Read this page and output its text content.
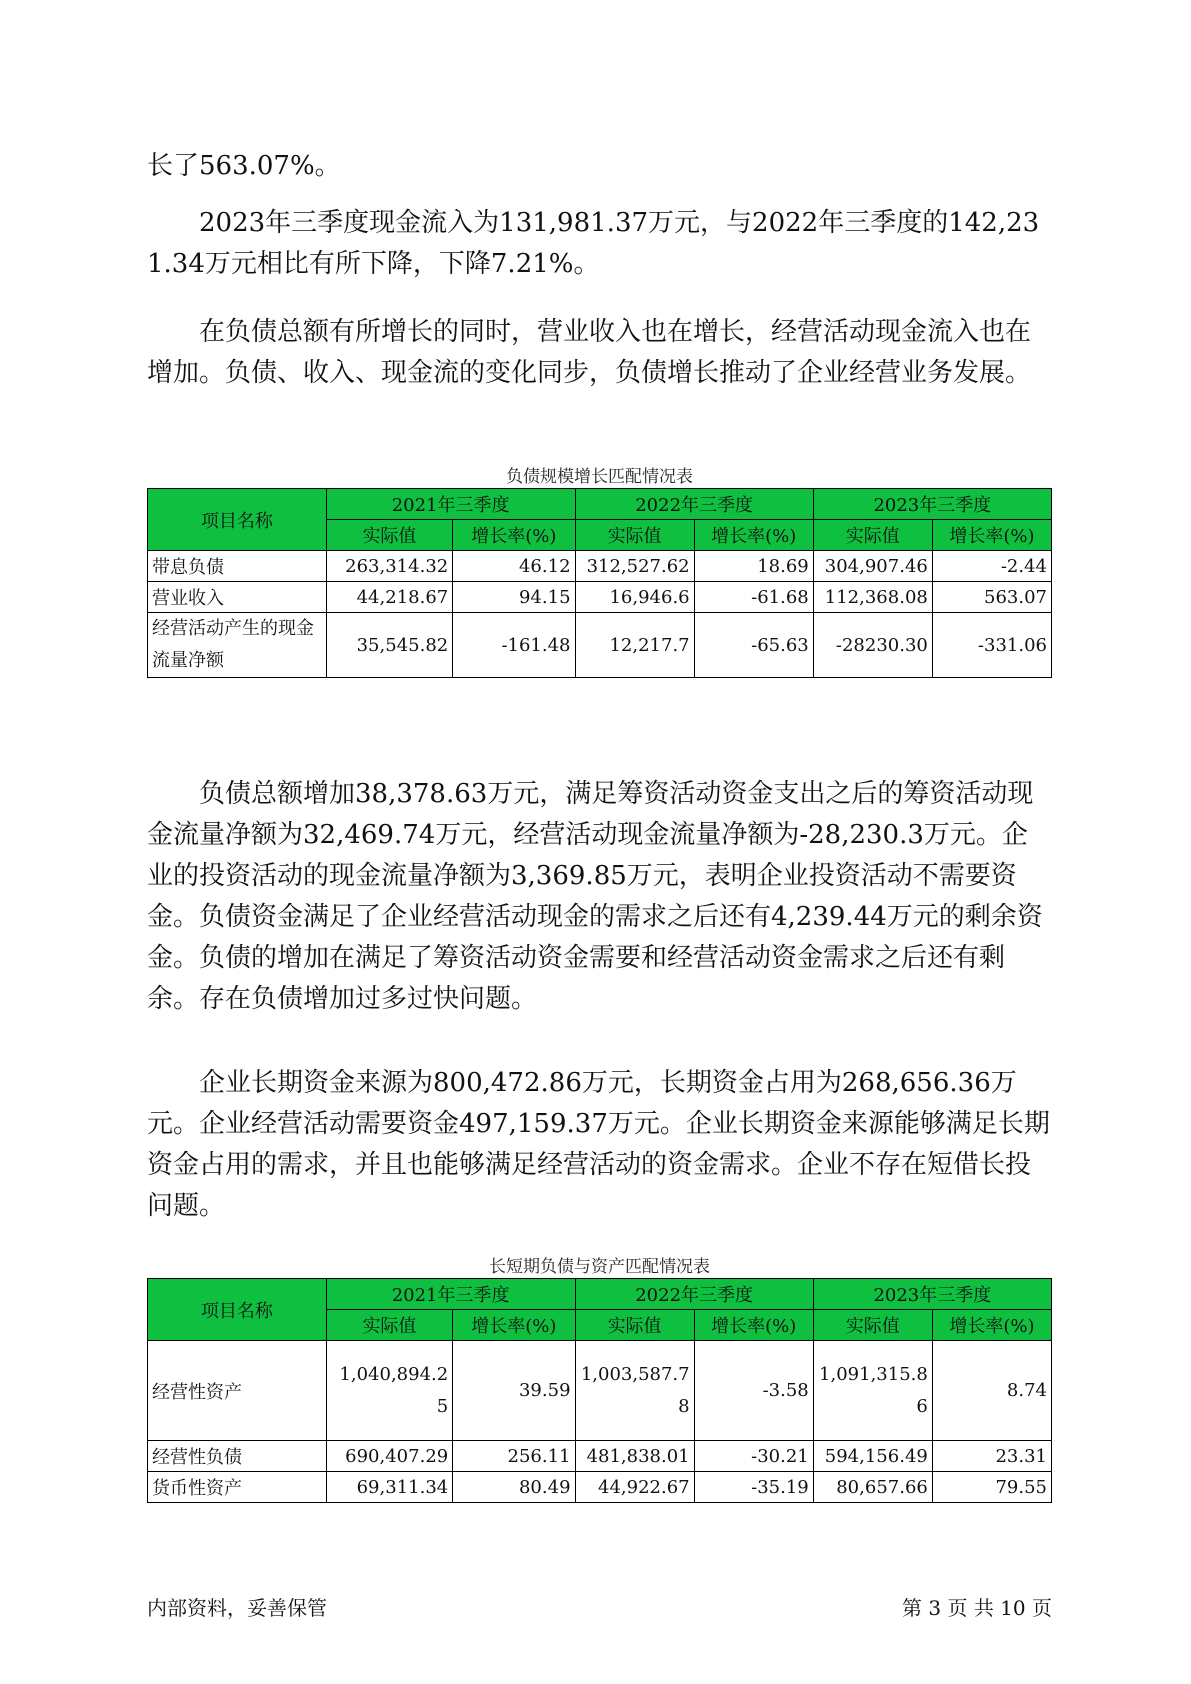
长了563.07%。

2023年三季度现金流入为131,981.37万元，与2022年三季度的142,231.34万元相比有所下降，下降7.21%。

在负债总额有所增长的同时，营业收入也在增长，经营活动现金流入也在增加。负债、收入、现金流的变化同步，负债增长推动了企业经营业务发展。

负债规模增长匹配情况表
项目名称	2021年三季度		2022年三季度		2023年三季度	
	实际值	增长率(%)	实际值	增长率(%)	实际值	增长率(%)
带息负债	263,314.32	46.12	312,527.62	18.69	304,907.46	-2.44
营业收入	44,218.67	94.15	16,946.6	-61.68	112,368.08	563.07
经营活动产生的现金流量净额	35,545.82	-161.48	12,217.7	-65.63	-28230.30	-331.06

负债总额增加38,378.63万元，满足筹资活动资金支出之后的筹资活动现金流量净额为32,469.74万元，经营活动现金流量净额为-28,230.3万元。企业的投资活动的现金流量净额为3,369.85万元，表明企业投资活动不需要资金。负债资金满足了企业经营活动现金的需求之后还有4,239.44万元的剩余资金。负债的增加在满足了筹资活动资金需要和经营活动资金需求之后还有剩余。存在负债增加过多过快问题。

企业长期资金来源为800,472.86万元，长期资金占用为268,656.36万元。企业经营活动需要资金497,159.37万元。企业长期资金来源能够满足长期资金占用的需求，并且也能够满足经营活动的资金需求。企业不存在短借长投问题。

长短期负债与资产匹配情况表
项目名称	2021年三季度		2022年三季度		2023年三季度	
	实际值	增长率(%)	实际值	增长率(%)	实际值	增长率(%)
经营性资产	1,040,894.25	39.59	1,003,587.78	-3.58	1,091,315.86	8.74
经营性负债	690,407.29	256.11	481,838.01	-30.21	594,156.49	23.31
货币性资产	69,311.34	80.49	44,922.67	-35.19	80,657.66	79.55
内部资料，妥善保管	第 3 页 共 10 页
